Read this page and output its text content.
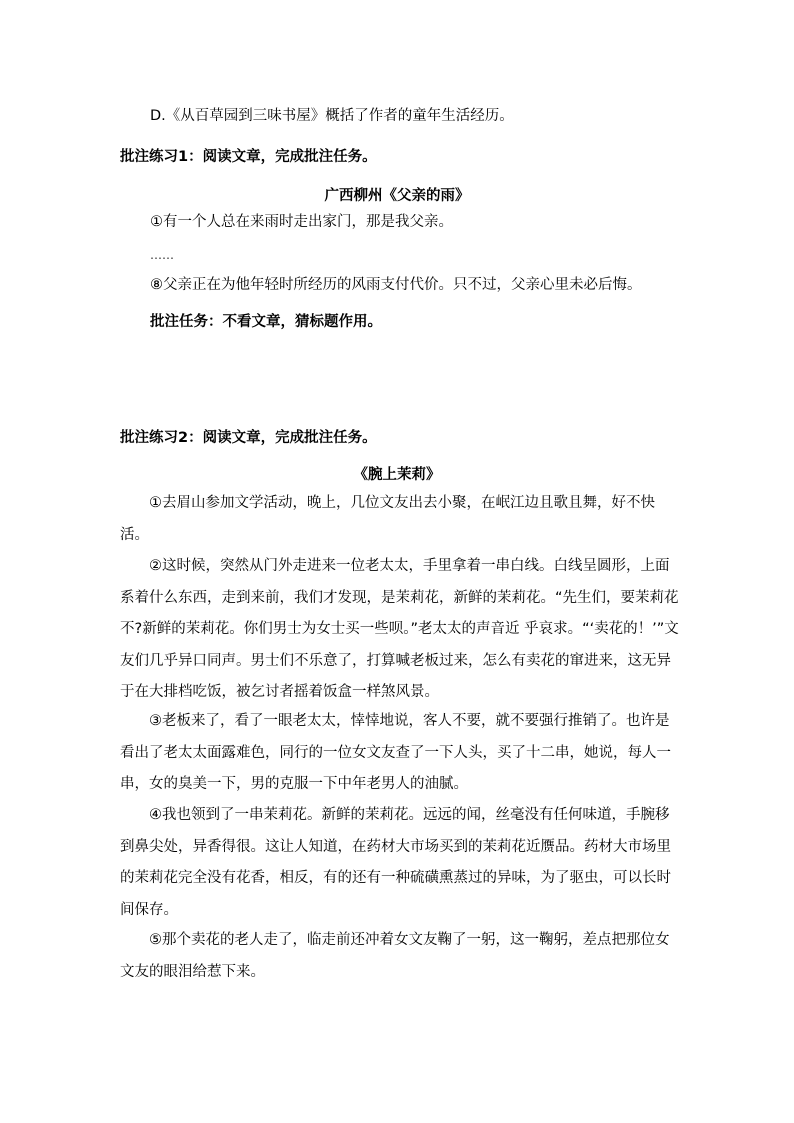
D.《从百草园到三味书屋》概括了作者的童年生活经历。
批注练习1：阅读文章，完成批注任务。
广西柳州《父亲的雨》
①有一个人总在来雨时走出家门，那是我父亲。
……
⑧父亲正在为他年轻时所经历的风雨支付代价。只不过，父亲心里未必后悔。
批注任务：不看文章，猜标题作用。
批注练习2：阅读文章，完成批注任务。
《腕上茉莉》
①去眉山参加文学活动，晚上，几位文友出去小聚，在岷江边且歌且舞，好不快活。
②这时候，突然从门外走进来一位老太太，手里拿着一串白线。白线呈圆形，上面系着什么东西，走到来前，我们才发现，是茉莉花，新鲜的茉莉花。“先生们，要茉莉花不?新鲜的茉莉花。你们男士为女士买一些呗。”老太太的声音近 乎哀求。“‘卖花的！’”文友们几乎异口同声。男士们不乐意了，打算喊老板过来，怎么有卖花的窜进来，这无异于在大排档吃饭，被乞讨者摇着饭盒一样煞风景。
③老板来了，看了一眼老太太，悻悻地说，客人不要，就不要强行推销了。也许是看出了老太太面露难色，同行的一位女文友查了一下人头，买了十二串，她说，每人一串，女的臭美一下，男的克服一下中年老男人的油腻。
④我也领到了一串茉莉花。新鲜的茉莉花。远远的闻，丝毫没有任何味道，手腕移到鼻尖处，异香得很。这让人知道，在药材大市场买到的茉莉花近赝品。药材大市场里的茉莉花完全没有花香，相反，有的还有一种硫磺熏蒸过的异味，为了驱虫，可以长时间保存。
⑤那个卖花的老人走了，临走前还冲着女文友鞠了一躬，这一鞠躬，差点把那位女文友的眼泪给惹下来。
